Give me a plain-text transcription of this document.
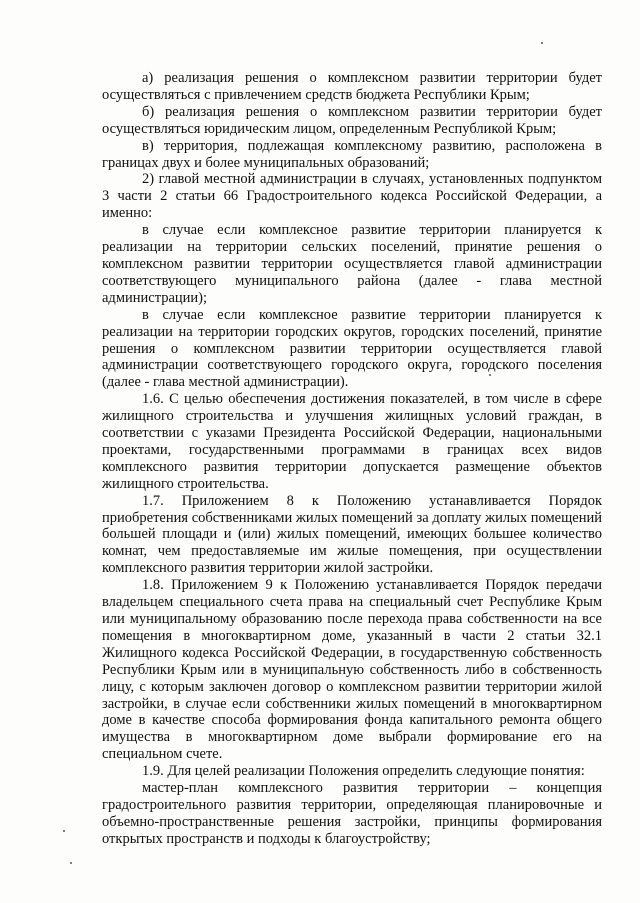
а) реализация решения о комплексном развитии территории будет осуществляться с привлечением средств бюджета Республики Крым;

б) реализация решения о комплексном развитии территории будет осуществляться юридическим лицом, определенным Республикой Крым;

в) территория, подлежащая комплексному развитию, расположена в границах двух и более муниципальных образований;

2) главой местной администрации в случаях, установленных подпунктом 3 части 2 статьи 66 Градостроительного кодекса Российской Федерации, а именно:

в случае если комплексное развитие территории планируется к реализации на территории сельских поселений, принятие решения о комплексном развитии территории осуществляется главой администрации соответствующего муниципального района (далее - глава местной администрации);

в случае если комплексное развитие территории планируется к реализации на территории городских округов, городских поселений, принятие решения о комплексном развитии территории осуществляется главой администрации соответствующего городского округа, городского поселения (далее - глава местной администрации).

1.6. С целью обеспечения достижения показателей, в том числе в сфере жилищного строительства и улучшения жилищных условий граждан, в соответствии с указами Президента Российской Федерации, национальными проектами, государственными программами в границах всех видов комплексного развития территории допускается размещение объектов жилищного строительства.

1.7. Приложением 8 к Положению устанавливается Порядок приобретения собственниками жилых помещений за доплату жилых помещений большей площади и (или) жилых помещений, имеющих большее количество комнат, чем предоставляемые им жилые помещения, при осуществлении комплексного развития территории жилой застройки.

1.8. Приложением 9 к Положению устанавливается Порядок передачи владельцем специального счета права на специальный счет Республике Крым или муниципальному образованию после перехода права собственности на все помещения в многоквартирном доме, указанный в части 2 статьи 32.1 Жилищного кодекса Российской Федерации, в государственную собственность Республики Крым или в муниципальную собственность либо в собственность лицу, с которым заключен договор о комплексном развитии территории жилой застройки, в случае если собственники жилых помещений в многоквартирном доме в качестве способа формирования фонда капитального ремонта общего имущества в многоквартирном доме выбрали формирование его на специальном счете.

1.9. Для целей реализации Положения определить следующие понятия:

мастер-план комплексного развития территории – концепция градостроительного развития территории, определяющая планировочные и объемно-пространственные решения застройки, принципы формирования открытых пространств и подходы к благоустройству;
